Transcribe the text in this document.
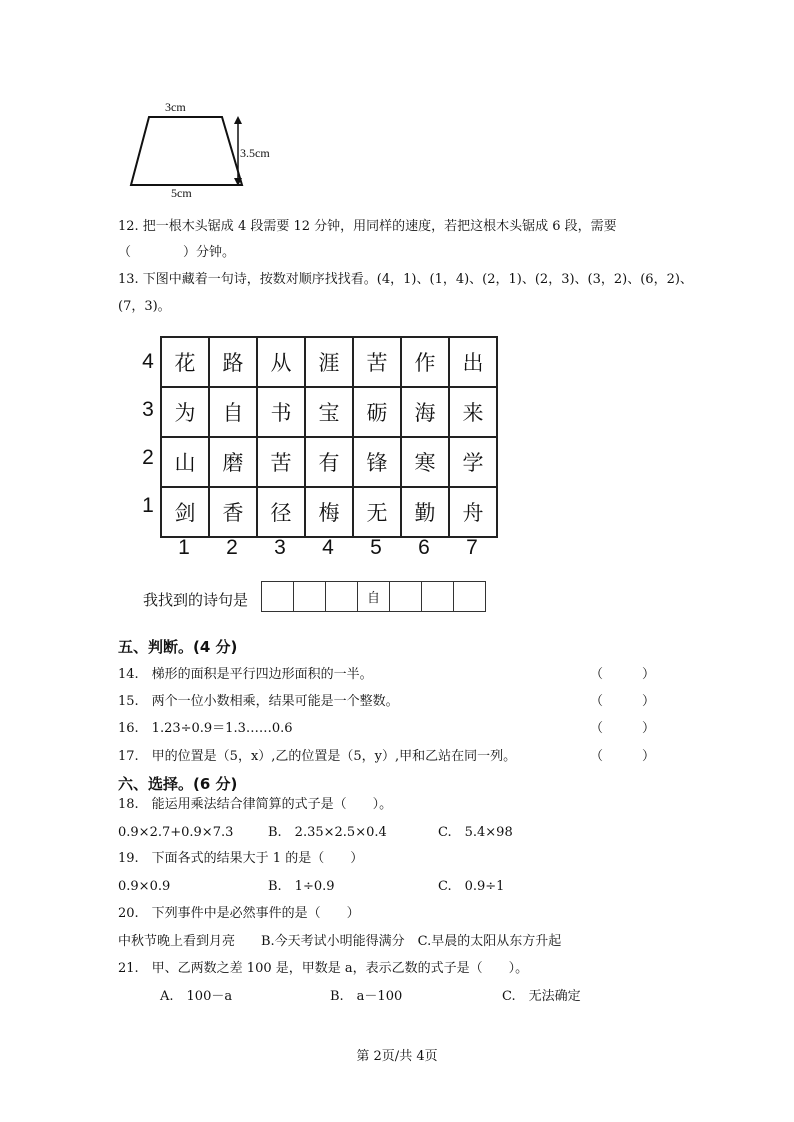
3cm
3.5cm
5cm
12. 把一根木头锯成 4 段需要 12 分钟，用同样的速度，若把这根木头锯成 6 段，需要
（　　　　）分钟。
13. 下图中藏着一句诗，按数对顺序找找看。(4，1)、(1，4)、(2，1)、(2，3)、(3，2)、(6，2)、
(7，3)。
4
3
2
1
花	路	从	涯	苦	作	出
为	自	书	宝	砺	海	来
山	磨	苦	有	锋	寒	学
剑	香	径	梅	无	勤	舟
1	2	3	4	5	6	7
我找到的诗句是	自
五、判断。(4 分)
14.　梯形的面积是平行四边形面积的一半。	（　　　）
15.　两个一位小数相乘，结果可能是一个整数。	（　　　）
16.　1.23÷0.9＝1.3……0.6	（　　　）
17.　甲的位置是（5，x）,乙的位置是（5，y）,甲和乙站在同一列。	（　　　）
六、选择。(6 分)
18.　能运用乘法结合律简算的式子是（　　）。
0.9×2.7+0.9×7.3	B.　2.35×2.5×0.4	C.　5.4×98
19.　下面各式的结果大于 1 的是（　　）
0.9×0.9	B.　1÷0.9	C.　0.9÷1
20.　下列事件中是必然事件的是（　　）
中秋节晚上看到月亮　　B.今天考试小明能得满分　C.早晨的太阳从东方升起
21.　甲、乙两数之差 100 是，甲数是 a，表示乙数的式子是（　　）。
A.　100－a	B.　a－100	C.　无法确定
第 2页/共 4页
